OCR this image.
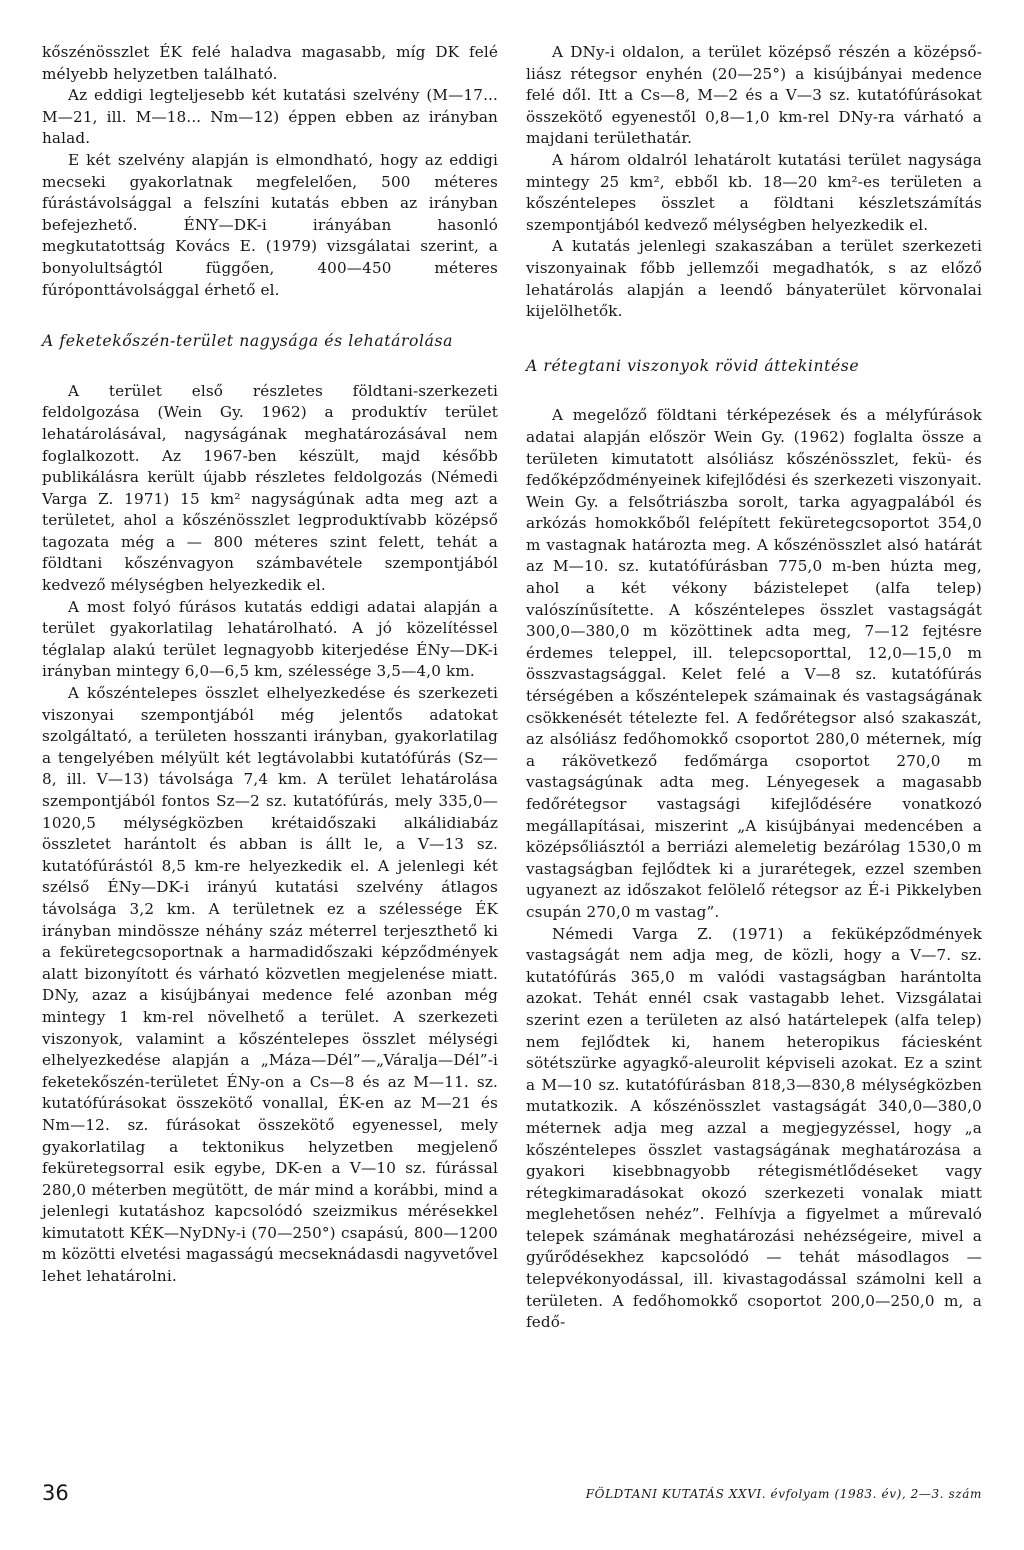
kőszénösszlet ÉK felé haladva magasabb, míg DK felé mélyebb helyzetben található.

Az eddigi legteljesebb két kutatási szelvény (M—17... M—21, ill. M—18... Nm—12) éppen ebben az irányban halad.

E két szelvény alapján is elmondható, hogy az eddigi mecseki gyakorlatnak megfelelően, 500 méteres fúrástávolsággal a felszíni kutatás ebben az irányban befejezhető. ÉNY—DK-i irányában hasonló megkutatottság Kovács E. (1979) vizsgálatai szerint, a bonyolultságtól függően, 400—450 méteres fúróponttávolsággal érhető el.

A feketekőszén-terület nagysága és lehatárolása

A terület első részletes földtani-szerkezeti feldolgozása (Wein Gy. 1962) a produktív terület lehatárolásával, nagyságának meghatározásával nem foglalkozott. Az 1967-ben készült, majd később publikálásra került újabb részletes feldolgozás (Némedi Varga Z. 1971) 15 km² nagyságúnak adta meg azt a területet, ahol a kőszénösszlet legproduktívabb középső tagozata még a — 800 méteres szint felett, tehát a földtani kőszénvagyon számbavétele szempontjából kedvező mélységben helyezkedik el.

A most folyó fúrásos kutatás eddigi adatai alapján a terület gyakorlatilag lehatárolható. A jó közelítéssel téglalap alakú terület legnagyobb kiterjedése ÉNy—DK-i irányban mintegy 6,0—6,5 km, szélessége 3,5—4,0 km.

A kőszéntelepes összlet elhelyezkedése és szerkezeti viszonyai szempontjából még jelentős adatokat szolgáltató, a területen hosszanti irányban, gyakorlatilag a tengelyében mélyült két legtávolabbi kutatófúrás (Sz—8, ill. V—13) távolsága 7,4 km. A terület lehatárolása szempontjából fontos Sz—2 sz. kutatófúrás, mely 335,0—1020,5 mélységközben krétaidőszaki alkálidiabáz összletet harántolt és abban is állt le, a V—13 sz. kutatófúrástól 8,5 km-re helyezkedik el. A jelenlegi két szélső ÉNy—DK-i irányú kutatási szelvény átlagos távolsága 3,2 km. A területnek ez a szélessége ÉK irányban mindössze néhány száz méterrel terjeszthető ki a feküretegcsoportnak a harmadidőszaki képződmények alatt bizonyított és várható közvetlen megjelenése miatt. DNy, azaz a kisújbányai medence felé azonban még mintegy 1 km-rel növelhető a terület. A szerkezeti viszonyok, valamint a kőszéntelepes összlet mélységi elhelyezkedése alapján a „Mázа—Dél”—„Váralja—Dél”-i feketekőszén-területet ÉNy-on a Cs—8 és az M—11. sz. kutatófúrásokat összekötő vonallal, ÉK-en az M—21 és Nm—12. sz. fúrásokat összekötő egyenessel, mely gyakorlatilag a tektonikus helyzetben megjelenő feküretegsorral esik egybe, DK-en a V—10 sz. fúrással 280,0 méterben megütött, de már mind a korábbi, mind a jelenlegi kutatáshoz kapcsolódó szeizmikus mérésekkel kimutatott KÉK—NyDNy-i (70—250°) csapású, 800—1200 m közötti elvetési magasságú mecseknádasdi nagyvetővel lehet lehatárolni.

A DNy-i oldalon, a terület középső részén a középső-liász rétegsor enyhén (20—25°) a kisújbányai medence felé dől. Itt a Cs—8, M—2 és a V—3 sz. kutatófúrásokat összekötő egyenestől 0,8—1,0 km-rel DNy-ra várható a majdani területhatár.

A három oldalról lehatárolt kutatási terület nagysága mintegy 25 km², ebből kb. 18—20 km²-es területen a kőszéntelepes összlet a földtani készletszámítás szempontjából kedvező mélységben helyezkedik el.

A kutatás jelenlegi szakaszában a terület szerkezeti viszonyainak főbb jellemzői megadhatók, s az előző lehatárolás alapján a leendő bányaterület körvonalai kijelölhetők.

A rétegtani viszonyok rövid áttekintése

A megelőző földtani térképezések és a mélyfúrások adatai alapján először Wein Gy. (1962) foglalta össze a területen kimutatott alsóliász kőszénösszlet, fekü- és fedőképződményeinek kifejlődési és szerkezeti viszonyait. Wein Gy. a felsőtriászba sorolt, tarka agyagpalából és arkózás homokkőből felépített feküretegcsoportot 354,0 m vastagnak határozta meg. A kőszénösszlet alsó határát az M—10. sz. kutatófúrásban 775,0 m-ben húzta meg, ahol a két vékony bázistelepet (alfa telep) valószínűsítette. A kőszéntelepes összlet vastagságát 300,0—380,0 m közöttinek adta meg, 7—12 fejtésre érdemes telеppel, ill. telepcsoporttal, 12,0—15,0 m összvastagsággal. Kelet felé a V—8 sz. kutatófúrás térségében a kőszéntelepek számainak és vastagságának csökkenését tételezte fel. A fedőrétegsor alsó szakaszát, az alsóliász fedőhomokkő csoportot 280,0 méternek, míg a rákövetkező fedőmárga csoportot 270,0 m vastagságúnak adta meg. Lényegesek a magasabb fedőrétegsor vastagsági kifejlődésére vonatkozó megállapításai, miszerint „A kisújbányai medencében a középsőliásztól a berriázi alemeletig bezárólag 1530,0 m vastagságban fejlődtek ki a jurarétegek, ezzel szemben ugyanezt az időszakot felölelő rétegsor az É-i Pikkelyben csupán 270,0 m vastag”.

Némedi Varga Z. (1971) a feküképződmények vastagságát nem adja meg, de közli, hogy a V—7. sz. kutatófúrás 365,0 m valódi vastagságban harántolta azokat. Tehát ennél csak vastagabb lehet. Vizsgálatai szerint ezen a területen az alsó határtelepek (alfa telep) nem fejlődtek ki, hanem heteropikus fáciesként sötétszürke agyagkő-aleurolit képviseli azokat. Ez a szint a M—10 sz. kutatófúrásban 818,3—830,8 mélységközben mutatkozik. A kőszénösszlet vastagságát 340,0—380,0 méternek adja meg azzal a megjegyzéssel, hogy „a kőszéntelepes összlet vastagságának meghatározása a gyakori kisebbnagyobb rétegismétlődéseket vagy rétegkimaradásokat okozó szerkezeti vonalak miatt meglehetősen nehéz”. Felhívja a figyelmet a műrevaló telepek számának meghatározási nehézségeire, mivel a gyűrődésekhez kapcsolódó — tehát másodlagos — telepvékonyodással, ill. kivastagodással számolni kell a területen. A fedőhomokkő csoportot 200,0—250,0 m, a fedő-

36	FÖLDTANI KUTATÁS XXVI. évfolyam (1983. év), 2—3. szám
